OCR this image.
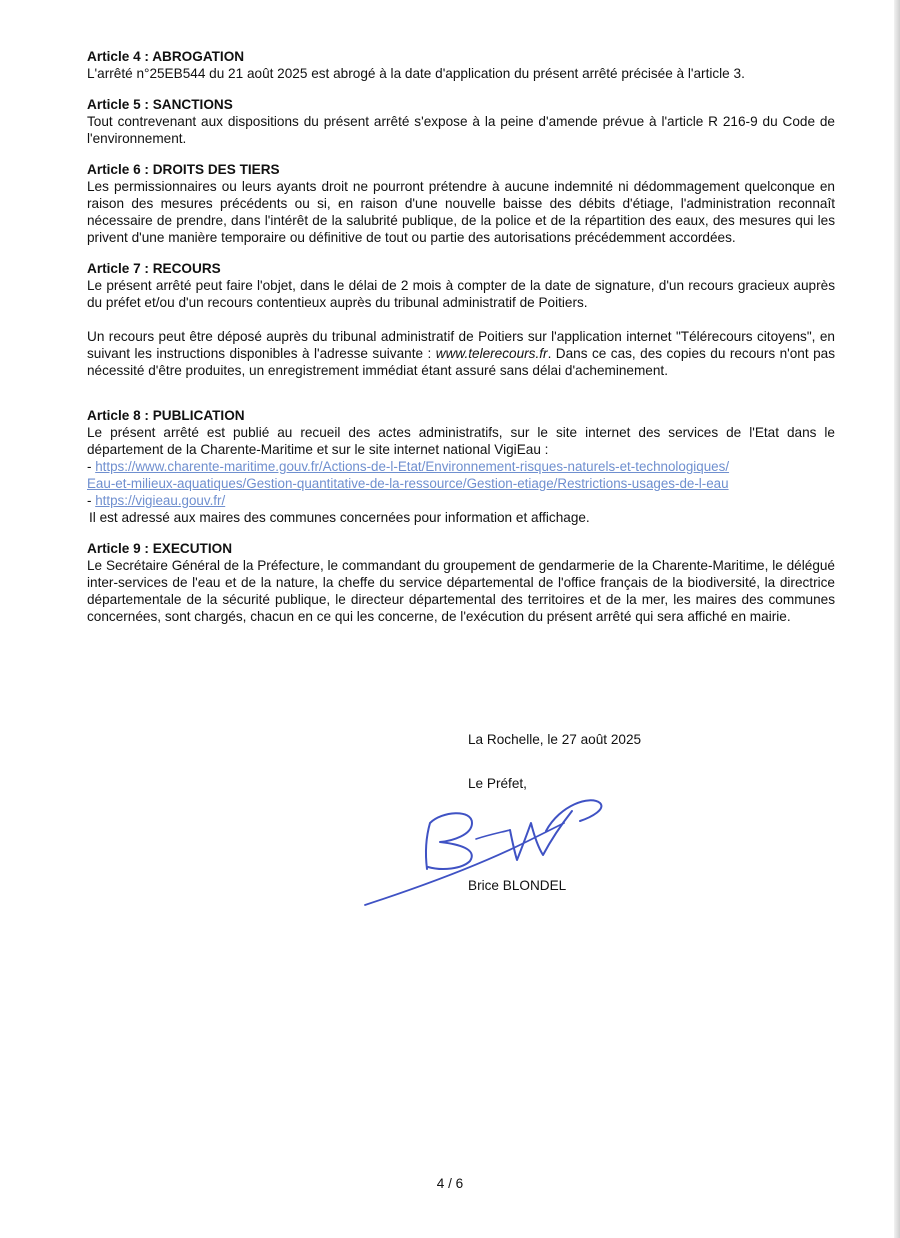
Article 4 : ABROGATION

L'arrêté n°25EB544 du 21 août 2025 est abrogé à la date d'application du présent arrêté précisée à l'article 3.

Article 5 : SANCTIONS

Tout contrevenant aux dispositions du présent arrêté s'expose à la peine d'amende prévue à l'article R 216-9 du Code de l'environnement.

Article 6 : DROITS DES TIERS

Les permissionnaires ou leurs ayants droit ne pourront prétendre à aucune indemnité ni dédommagement quelconque en raison des mesures précédents ou si, en raison d'une nouvelle baisse des débits d'étiage, l'administration reconnaît nécessaire de prendre, dans l'intérêt de la salubrité publique, de la police et de la répartition des eaux, des mesures qui les privent d'une manière temporaire ou définitive de tout ou partie des autorisations précédemment accordées.

Article 7 : RECOURS

Le présent arrêté peut faire l'objet, dans le délai de 2 mois à compter de la date de signature, d'un recours gracieux auprès du préfet et/ou d'un recours contentieux auprès du tribunal administratif de Poitiers.

Un recours peut être déposé auprès du tribunal administratif de Poitiers sur l'application internet "Télérecours citoyens", en suivant les instructions disponibles à l'adresse suivante : www.telerecours.fr. Dans ce cas, des copies du recours n'ont pas nécessité d'être produites, un enregistrement immédiat étant assuré sans délai d'acheminement.

Article 8 : PUBLICATION

Le présent arrêté est publié au recueil des actes administratifs, sur le site internet des services de l'Etat dans le département de la Charente-Maritime et sur le site internet national VigiEau :

- https://www.charente-maritime.gouv.fr/Actions-de-l-Etat/Environnement-risques-naturels-et-technologiques/
Eau-et-milieux-aquatiques/Gestion-quantitative-de-la-ressource/Gestion-etiage/Restrictions-usages-de-l-eau
- https://vigieau.gouv.fr/

Il est adressé aux maires des communes concernées pour information et affichage.

Article 9 : EXECUTION

Le Secrétaire Général de la Préfecture, le commandant du groupement de gendarmerie de la Charente-Maritime, le délégué inter-services de l'eau et de la nature, la cheffe du service départemental de l'office français de la biodiversité, la directrice départementale de la sécurité publique, le directeur départemental des territoires et de la mer, les maires des communes concernées, sont chargés, chacun en ce qui les concerne, de l'exécution du présent arrêté qui sera affiché en mairie.

La Rochelle, le 27 août 2025
Le Préfet,
Brice BLONDEL
4 / 6
